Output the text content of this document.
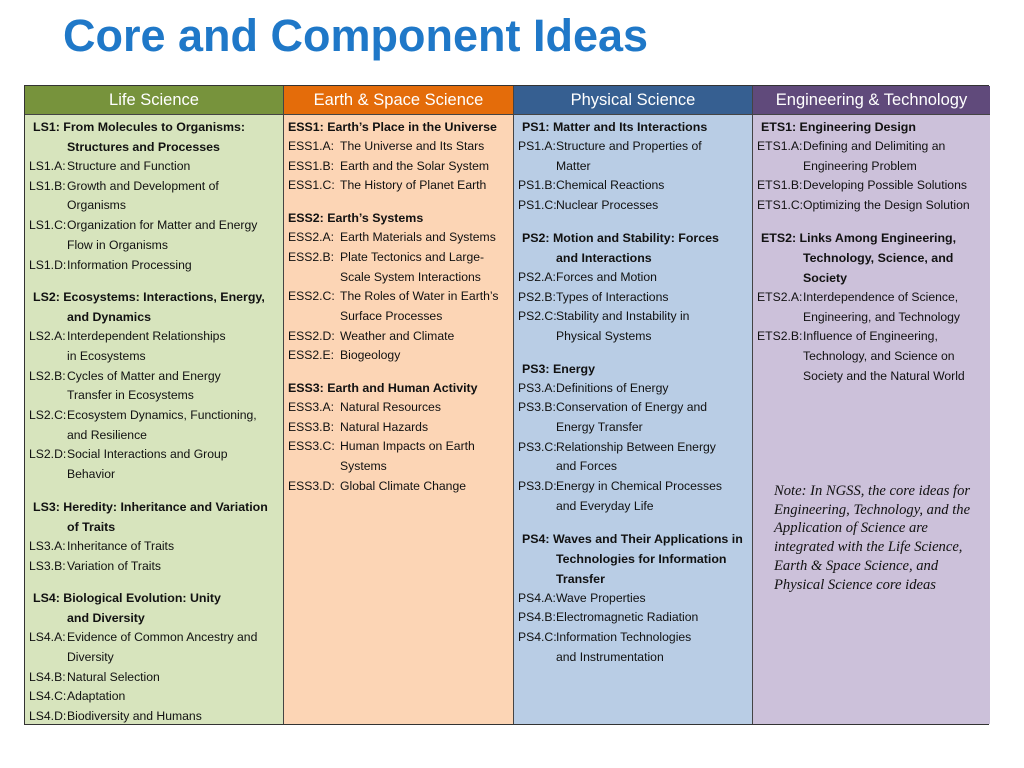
Core and Component Ideas
Life Science
LS1: From Molecules to Organisms:
Structures and Processes
LS1.A: Structure and Function
LS1.B: Growth and Development of
Organisms
LS1.C: Organization for Matter and Energy
Flow in Organisms
LS1.D: Information Processing
LS2: Ecosystems: Interactions, Energy,
and Dynamics
LS2.A: Interdependent Relationships
in Ecosystems
LS2.B: Cycles of Matter and Energy
Transfer in Ecosystems
LS2.C: Ecosystem Dynamics, Functioning,
and Resilience
LS2.D: Social Interactions and Group
Behavior
LS3: Heredity: Inheritance and Variation
of Traits
LS3.A: Inheritance of Traits
LS3.B: Variation of Traits
LS4: Biological Evolution: Unity
and Diversity
LS4.A: Evidence of Common Ancestry and
Diversity
LS4.B: Natural Selection
LS4.C: Adaptation
LS4.D: Biodiversity and Humans
Earth & Space Science
ESS1: Earth’s Place in the Universe
ESS1.A: The Universe and Its Stars
ESS1.B: Earth and the Solar System
ESS1.C: The History of Planet Earth
ESS2: Earth’s Systems
ESS2.A: Earth Materials and Systems
ESS2.B: Plate Tectonics and Large-
Scale System Interactions
ESS2.C: The Roles of Water in Earth’s
Surface Processes
ESS2.D: Weather and Climate
ESS2.E: Biogeology
ESS3: Earth and Human Activity
ESS3.A: Natural Resources
ESS3.B: Natural Hazards
ESS3.C: Human Impacts on Earth
Systems
ESS3.D: Global Climate Change
Physical Science
PS1: Matter and Its Interactions
PS1.A: Structure and Properties of
Matter
PS1.B: Chemical Reactions
PS1.C: Nuclear Processes
PS2: Motion and Stability: Forces
and Interactions
PS2.A: Forces and Motion
PS2.B: Types of Interactions
PS2.C: Stability and Instability in
Physical Systems
PS3: Energy
PS3.A: Definitions of Energy
PS3.B: Conservation of Energy and
Energy Transfer
PS3.C: Relationship Between Energy
and Forces
PS3.D: Energy in Chemical Processes
and Everyday Life
PS4: Waves and Their Applications in
Technologies for Information
Transfer
PS4.A: Wave Properties
PS4.B: Electromagnetic Radiation
PS4.C: Information Technologies
and Instrumentation
Engineering & Technology
ETS1: Engineering Design
ETS1.A: Defining and Delimiting an
Engineering Problem
ETS1.B: Developing Possible Solutions
ETS1.C: Optimizing the Design Solution
ETS2: Links Among Engineering,
Technology, Science, and
Society
ETS2.A: Interdependence of Science,
Engineering, and Technology
ETS2.B: Influence of Engineering,
Technology, and Science on
Society and the Natural World
Note: In NGSS, the core ideas for Engineering, Technology, and the Application of Science are integrated with the Life Science, Earth & Space Science, and Physical Science core ideas
